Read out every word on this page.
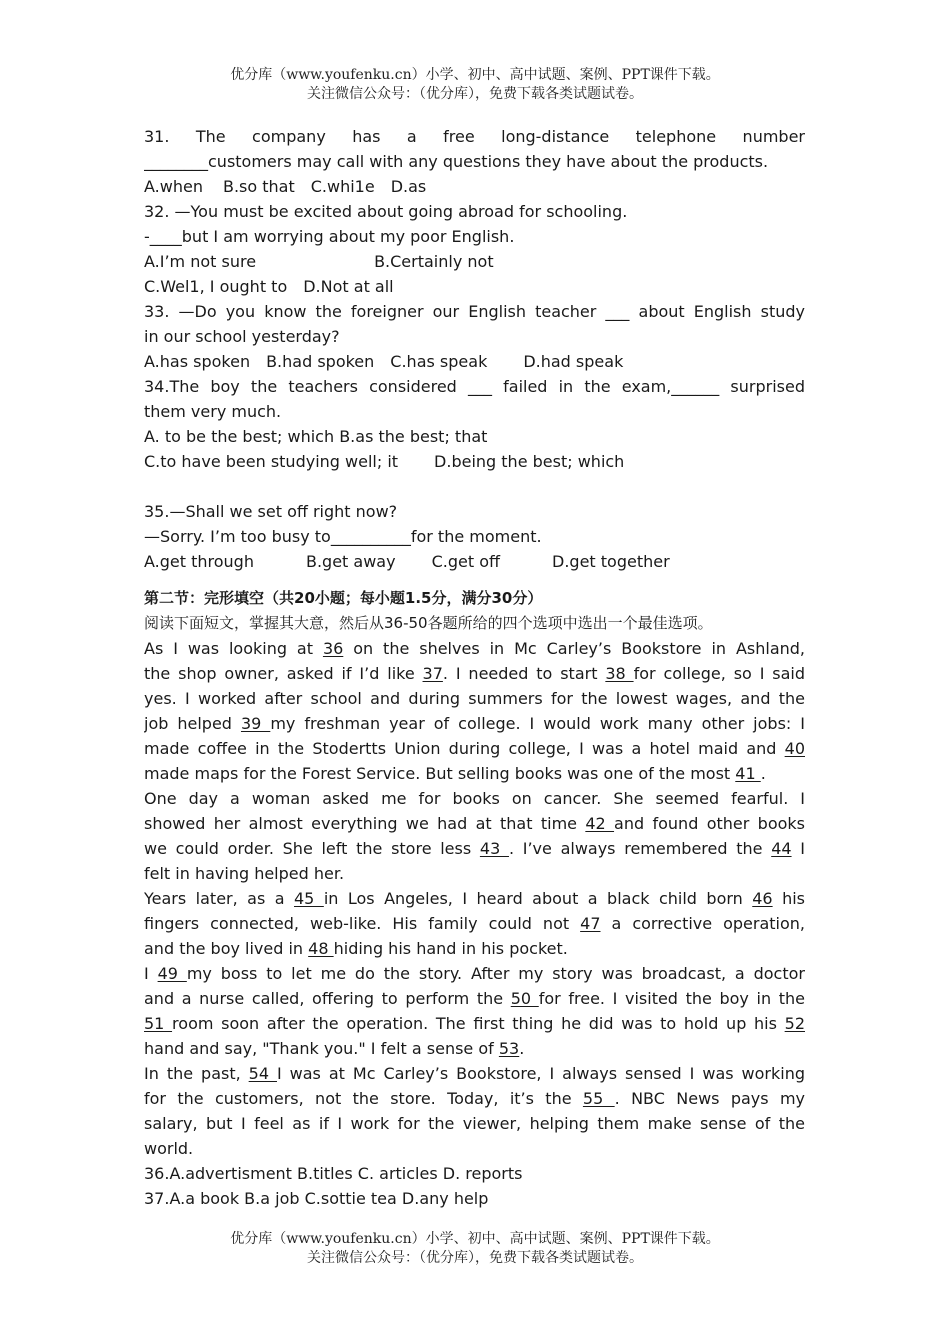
优分库（www.youfenku.cn）小学、初中、高中试题、案例、PPT课件下载。
关注微信公众号：（优分库），免费下载各类试题试卷。
31. The company has a free long-distance telephone number
________customers may call with any questions they have about the products.
A.when B.so that C.whi1e D.as
32. —You must be excited about going abroad for schooling.
-____but I am worrying about my poor English.
A.I’m not sure	B.Certainly not
C.Wel1, I ought to D.Not at all
33. —Do you know the foreigner our English teacher ___ about English study
in our school yesterday?
A.has spoken B.had spoken C.has speak D.had speak
34.The boy the teachers considered ___ failed in the exam,______ surprised
them very much.
A. to be the best; which B.as the best; that
C.to have been studying well; it D.being the best; which
35.—Shall we set off right now?
—Sorry. I’m too busy to__________for the moment.
A.get through	B.get away C.get off	D.get together
第二节：完形填空（共20小题；每小题1.5分，满分30分）
阅读下面短文，掌握其大意，然后从36-50各题所给的四个选项中选出一个最佳选项。
As I was looking at 36 on the shelves in Mc Carley’s Bookstore in Ashland,
the shop owner, asked if I’d like 37. I needed to start 38 for college, so I said
yes. I worked after school and during summers for the lowest wages, and the
job helped 39 my freshman year of college. I would work many other jobs: I
made coffee in the Stodertts Union during college, I was a hotel maid and 40
made maps for the Forest Service. But selling books was one of the most 41 .
One day a woman asked me for books on cancer. She seemed fearful. I
showed her almost everything we had at that time 42 and found other books
we could order. She left the store less 43 . I’ve always remembered the 44 I
felt in having helped her.
Years later, as a 45 in Los Angeles, I heard about a black child born 46 his
fingers connected, web-like. His family could not 47 a corrective operation,
and the boy lived in 48 hiding his hand in his pocket.
I 49 my boss to let me do the story. After my story was broadcast, a doctor
and a nurse called, offering to perform the 50 for free. I visited the boy in the
51 room soon after the operation. The first thing he did was to hold up his 52
hand and say, "Thank you." I felt a sense of 53.
In the past, 54 I was at Mc Carley’s Bookstore, I always sensed I was working
for the customers, not the store. Today, it’s the 55 . NBC News pays my
salary, but I feel as if I work for the viewer, helping them make sense of the
world.
36.A.advertisment B.titles C. articles D. reports
37.A.a book B.a job C.sottie tea D.any help
优分库（www.youfenku.cn）小学、初中、高中试题、案例、PPT课件下载。
关注微信公众号：（优分库），免费下载各类试题试卷。
